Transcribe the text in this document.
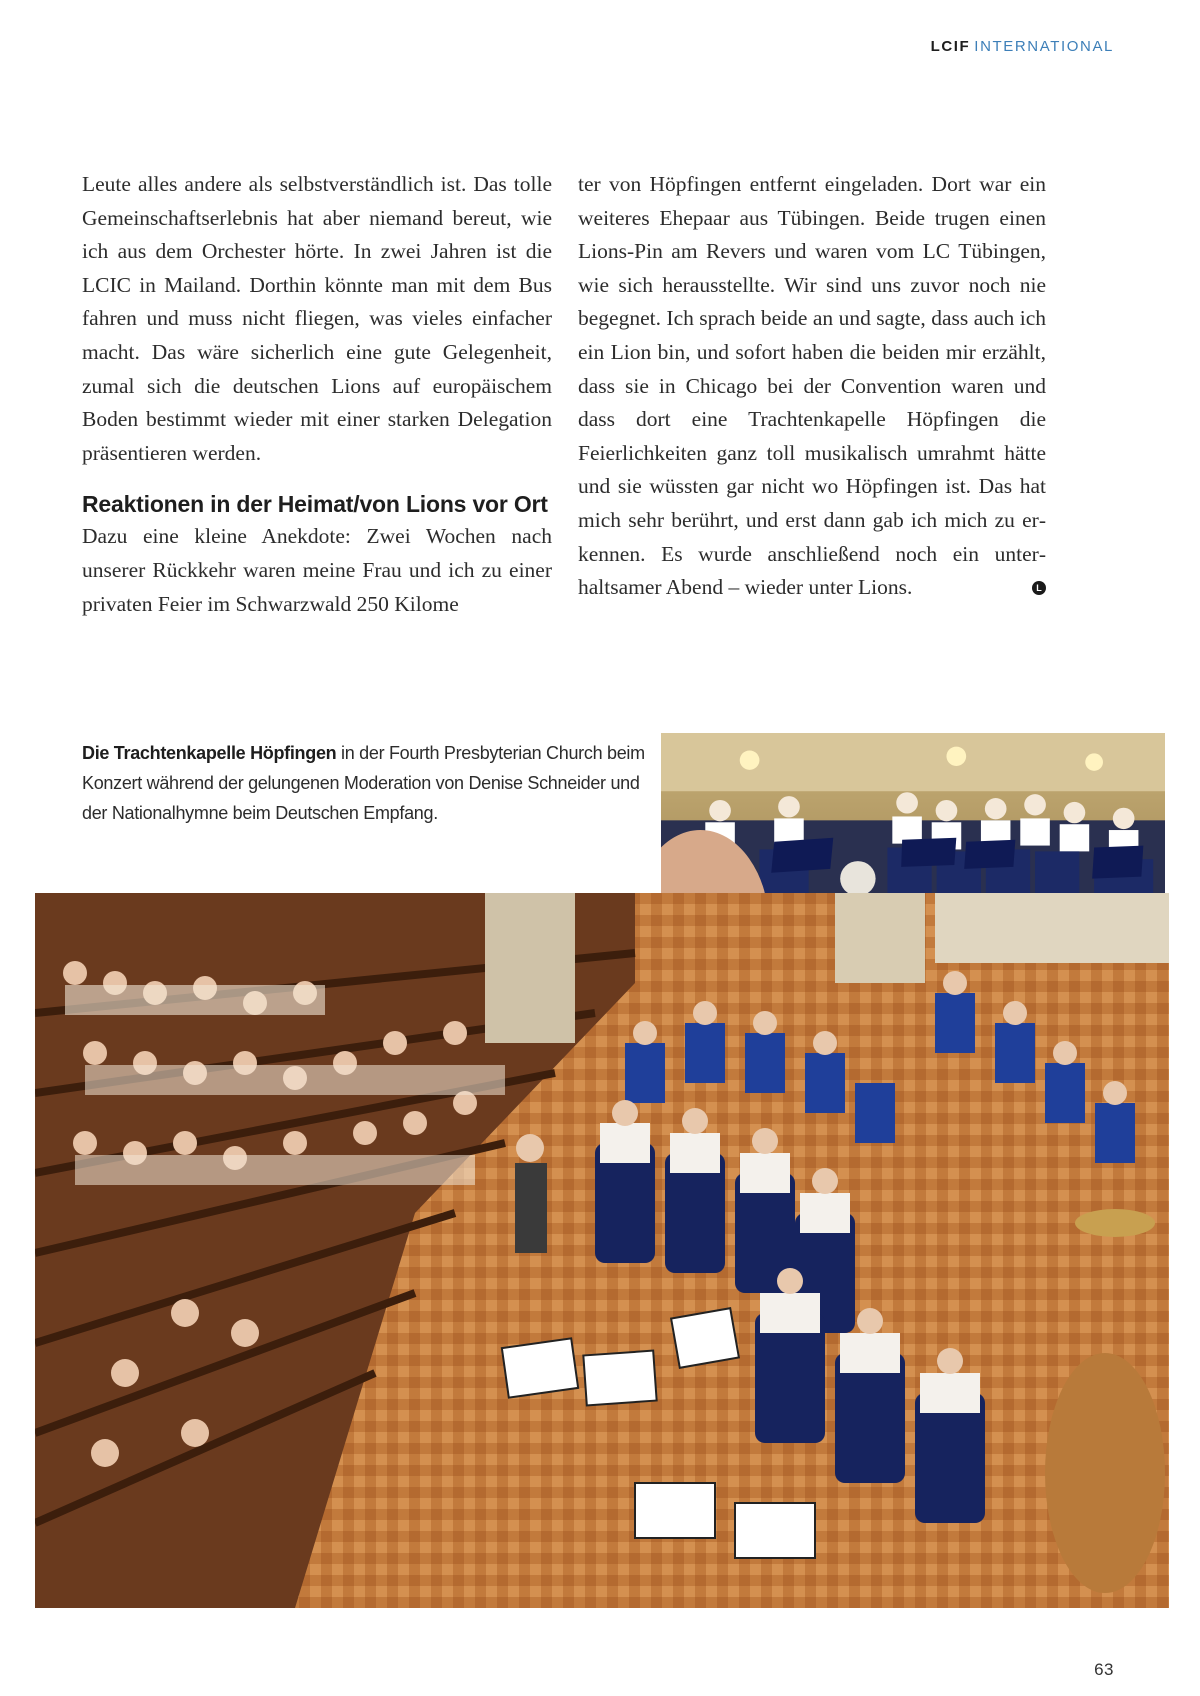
LCIF INTERNATIONAL

Leute alles andere als selbstverständlich ist. Das tolle Gemeinschaftserlebnis hat aber niemand bereut, wie ich aus dem Orchester hörte. In zwei Jahren ist die LCIC in Mailand. Dorthin könnte man mit dem Bus fahren und muss nicht fliegen, was vieles einfacher macht. Das wäre sicherlich eine gute Gelegenheit, zumal sich die deutschen Lions auf europäischem Boden bestimmt wieder mit einer starken Delegation präsentieren werden.

Reaktionen in der Heimat/von Lions vor Ort

Dazu eine kleine Anekdote: Zwei Wochen nach unserer Rückkehr waren meine Frau und ich zu einer privaten Feier im Schwarzwald 250 Kilome

ter von Höpfingen entfernt eingeladen. Dort war ein weiteres Ehepaar aus Tübingen. Beide trugen einen Lions-Pin am Revers und waren vom LC Tübingen, wie sich herausstellte. Wir sind uns zuvor noch nie begegnet. Ich sprach beide an und sagte, dass auch ich ein Lion bin, und sofort haben die beiden mir erzählt, dass sie in Chicago bei der Convention waren und dass dort eine Trachtenkapelle Höpfingen die Feierlichkeiten ganz toll musikalisch umrahmt hätte und sie wüssten gar nicht wo Höpfingen ist. Das hat mich sehr berührt, und erst dann gab ich mich zu erkennen. Es wurde anschließend noch ein unterhaltsamer Abend – wieder unter Lions.	L

Die Trachtenkapelle Höpfingen in der Fourth Presbyterian Church beim Konzert während der gelungenen Moderation von Denise Schneider und der Nationalhymne beim Deutschen Empfang.
63
